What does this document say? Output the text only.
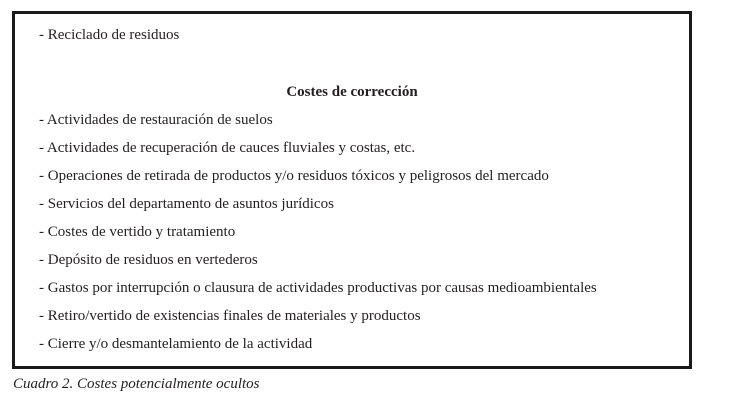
- Reciclado de residuos
Costes de corrección
- Actividades de restauración de suelos
- Actividades de recuperación de cauces fluviales y costas, etc.
- Operaciones de retirada de productos y/o residuos tóxicos y peligrosos del mercado
- Servicios del departamento de asuntos jurídicos
- Costes de vertido y tratamiento
- Depósito de residuos en vertederos
- Gastos por interrupción o clausura de actividades productivas por causas medioambientales
- Retiro/vertido de existencias finales de materiales y productos
- Cierre y/o desmantelamiento de la actividad
Cuadro 2. Costes potencialmente ocultos
